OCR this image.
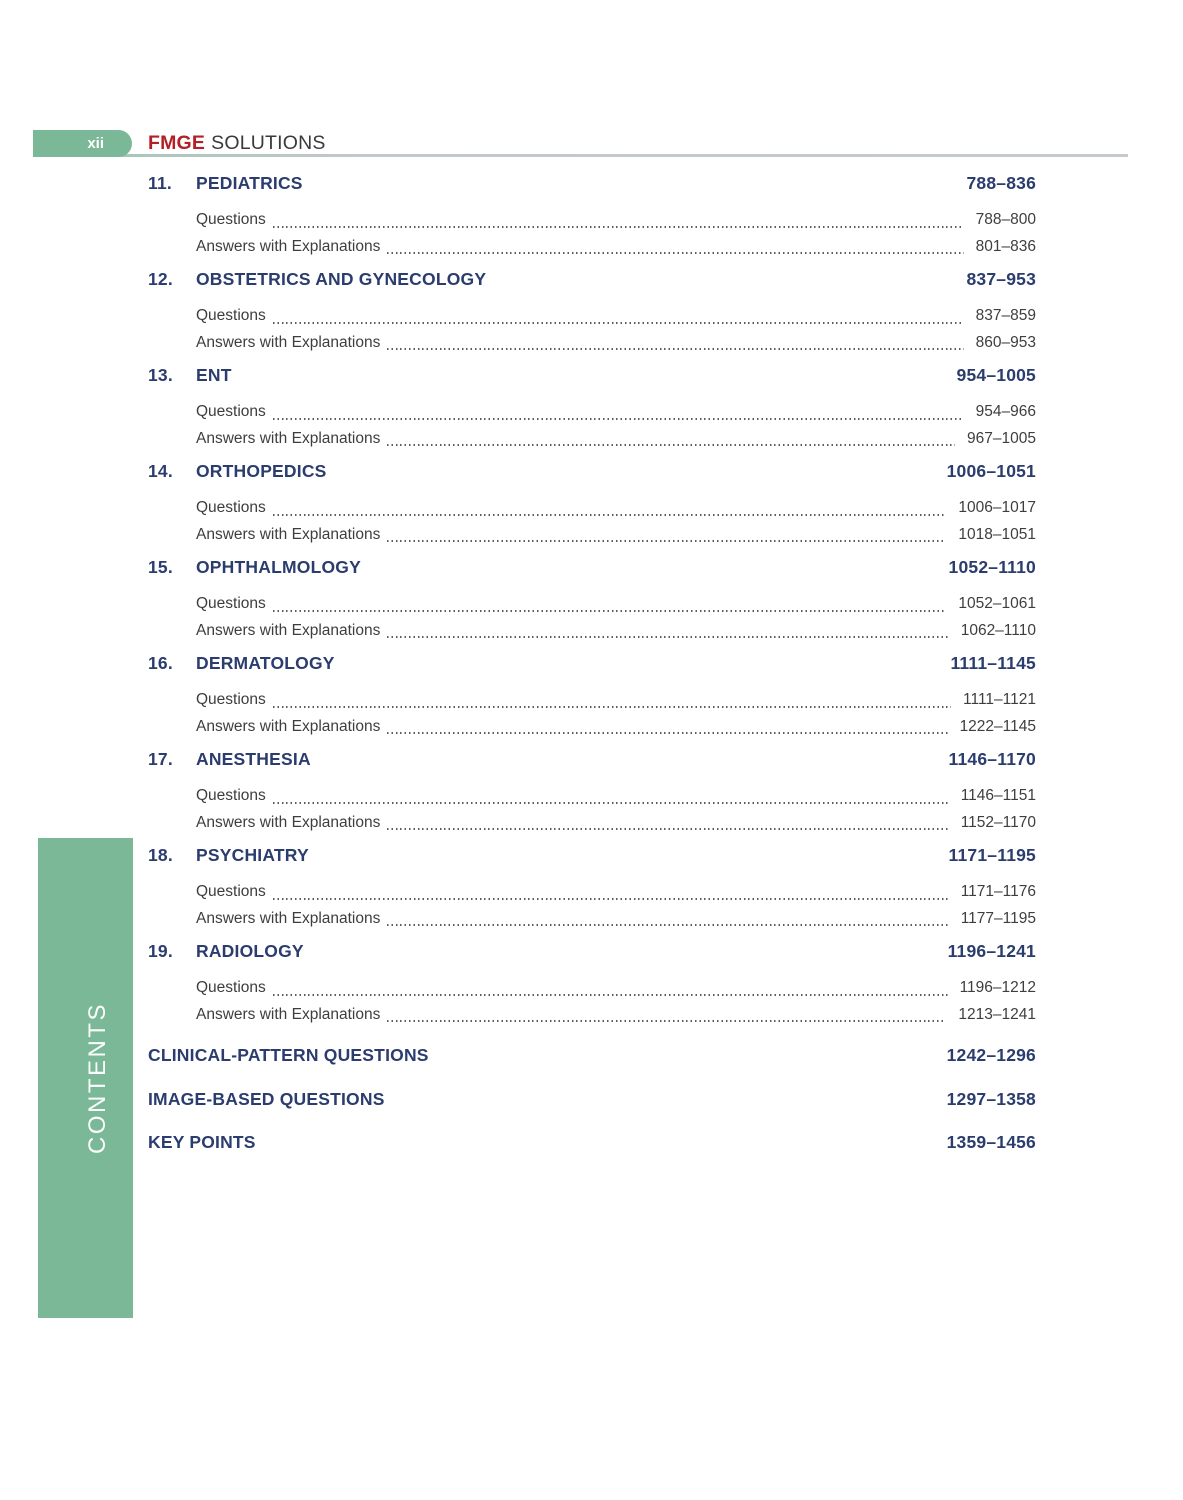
xii FMGE SOLUTIONS
CONTENTS
11.	PEDIATRICS	788–836
Questions	788–800
Answers with Explanations	801–836
12.	OBSTETRICS AND GYNECOLOGY	837–953
Questions	837–859
Answers with Explanations	860–953
13.	ENT	954–1005
Questions	954–966
Answers with Explanations	967–1005
14.	ORTHOPEDICS	1006–1051
Questions	1006–1017
Answers with Explanations	1018–1051
15.	OPHTHALMOLOGY	1052–1110
Questions	1052–1061
Answers with Explanations	1062–1110
16.	DERMATOLOGY	1111–1145
Questions	1111–1121
Answers with Explanations	1222–1145
17.	ANESTHESIA	1146–1170
Questions	1146–1151
Answers with Explanations	1152–1170
18.	PSYCHIATRY	1171–1195
Questions	1171–1176
Answers with Explanations	1177–1195
19.	RADIOLOGY	1196–1241
Questions	1196–1212
Answers with Explanations	1213–1241
CLINICAL-PATTERN QUESTIONS	1242–1296
IMAGE-BASED QUESTIONS	1297–1358
KEY POINTS	1359–1456
